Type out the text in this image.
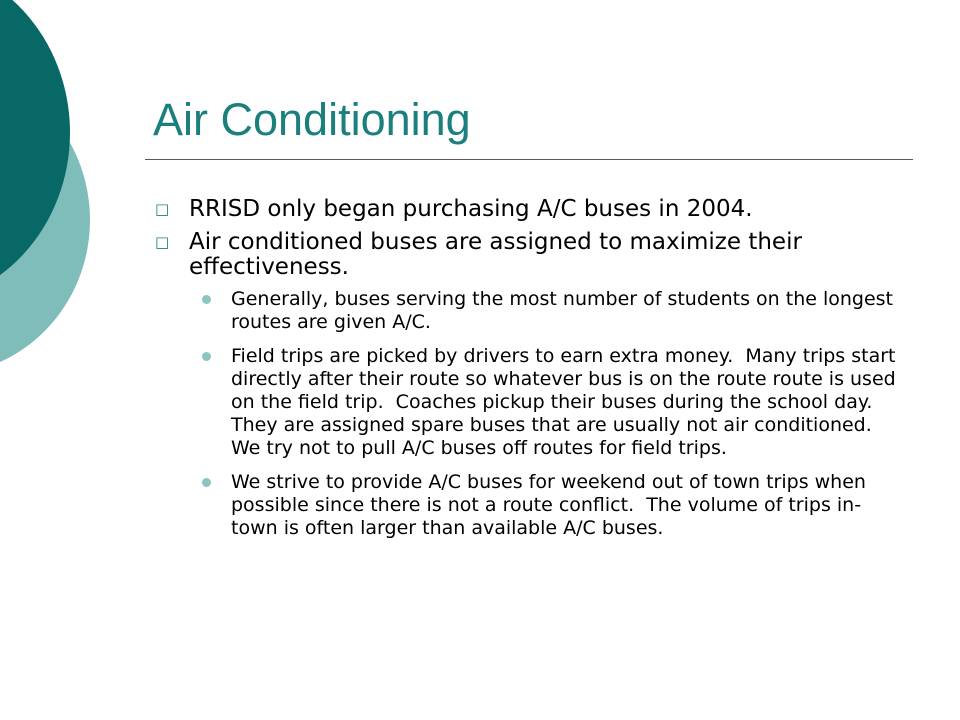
Air Conditioning
□ RRISD only began purchasing A/C buses in 2004.
□ Air conditioned buses are assigned to maximize their effectiveness.
Generally, buses serving the most number of students on the longest routes are given A/C.
Field trips are picked by drivers to earn extra money.  Many trips start directly after their route so whatever bus is on the route route is used on the field trip.  Coaches pickup their buses during the school day.  They are assigned spare buses that are usually not air conditioned. We try not to pull A/C buses off routes for field trips.
We strive to provide A/C buses for weekend out of town trips when possible since there is not a route conflict.  The volume of trips in-town is often larger than available A/C buses.
